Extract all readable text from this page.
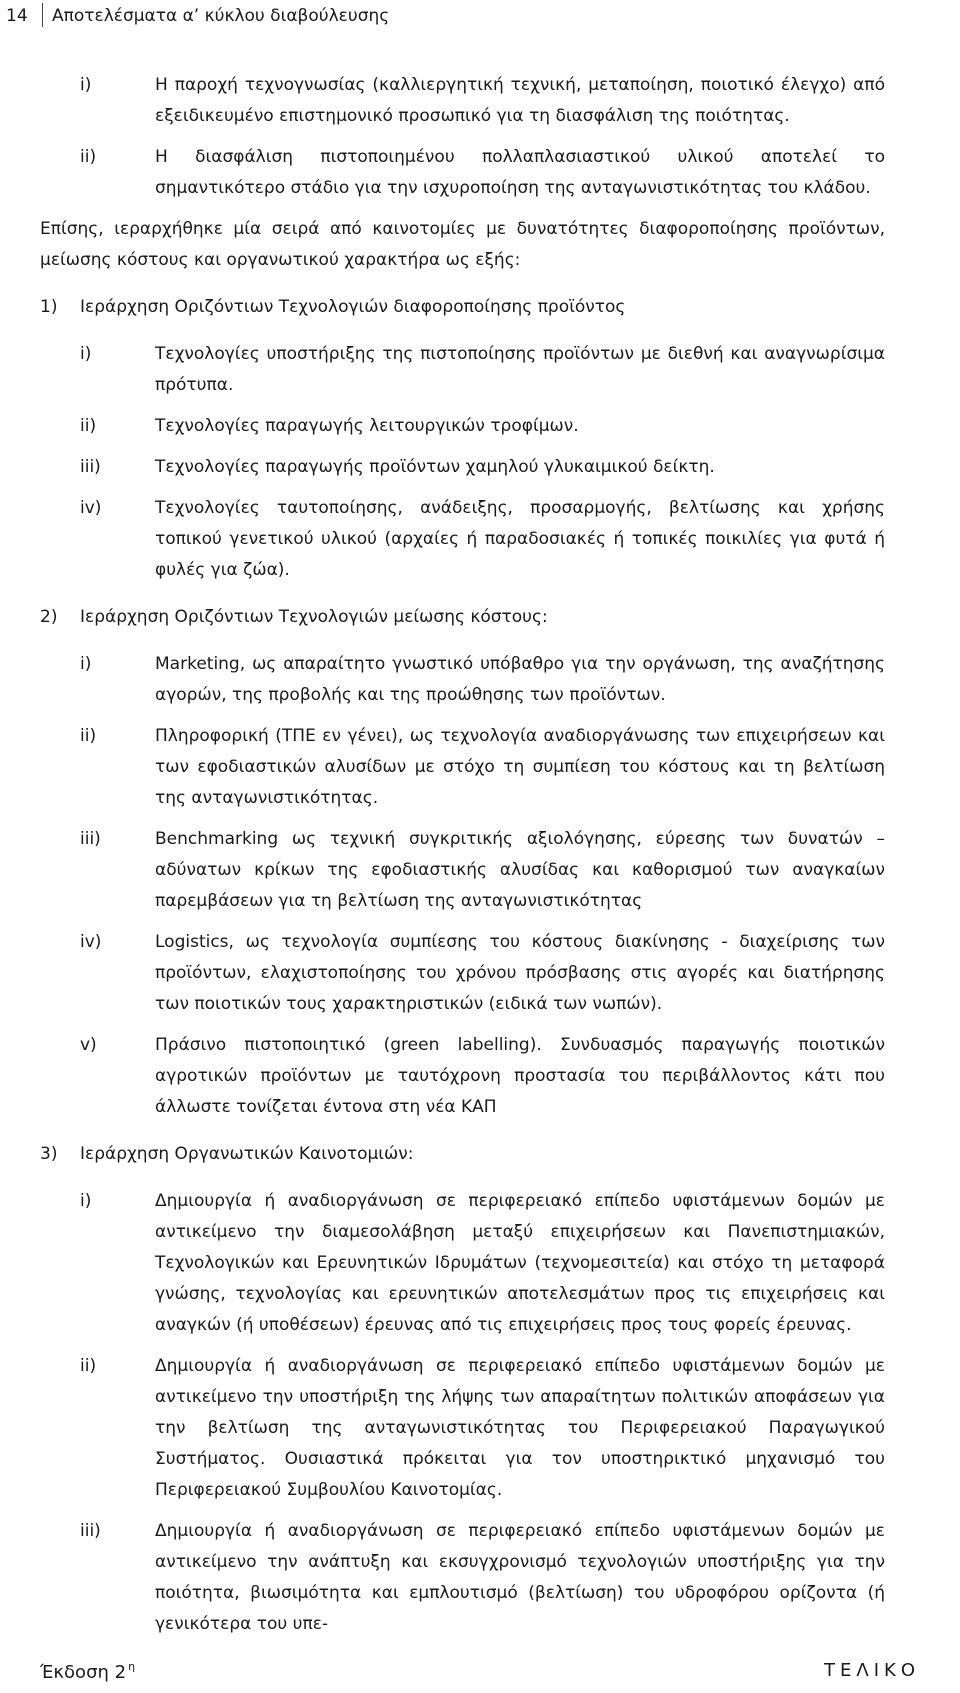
14 Αποτελέσματα α’ κύκλου διαβούλευσης
i)	Η παροχή τεχνογνωσίας (καλλιεργητική τεχνική, μεταποίηση, ποιοτικό έλεγχο) από εξειδικευμένο επιστημονικό προσωπικό για τη διασφάλιση της ποιότητας.
ii)	Η διασφάλιση πιστοποιημένου πολλαπλασιαστικού υλικού αποτελεί το σημαντικότερο στάδιο για την ισχυροποίηση της ανταγωνιστικότητας του κλάδου.
Επίσης, ιεραρχήθηκε μία σειρά από καινοτομίες με δυνατότητες διαφοροποίησης προϊόντων, μείωσης κόστους και οργανωτικού χαρακτήρα ως εξής:
1) Ιεράρχηση Οριζόντιων Τεχνολογιών διαφοροποίησης προϊόντος
i)	Τεχνολογίες υποστήριξης της πιστοποίησης προϊόντων με διεθνή και αναγνωρίσιμα πρότυπα.
ii)	Τεχνολογίες παραγωγής λειτουργικών τροφίμων.
iii)	Τεχνολογίες παραγωγής προϊόντων χαμηλού γλυκαιμικού δείκτη.
iv)	Τεχνολογίες ταυτοποίησης, ανάδειξης, προσαρμογής, βελτίωσης και χρήσης τοπικού γενετικού υλικού (αρχαίες ή παραδοσιακές ή τοπικές ποικιλίες για φυτά ή φυλές για ζώα).
2) Ιεράρχηση Οριζόντιων Τεχνολογιών μείωσης κόστους:
i)	Marketing, ως απαραίτητο γνωστικό υπόβαθρο για την οργάνωση, της αναζήτησης αγορών, της προβολής και της προώθησης των προϊόντων.
ii)	Πληροφορική (ΤΠΕ εν γένει), ως τεχνολογία αναδιοργάνωσης των επιχειρήσεων και των εφοδιαστικών αλυσίδων με στόχο τη συμπίεση του κόστους και τη βελτίωση της ανταγωνιστικότητας.
iii)	Benchmarking ως τεχνική συγκριτικής αξιολόγησης, εύρεσης των δυνατών – αδύνατων κρίκων της εφοδιαστικής αλυσίδας και καθορισμού των αναγκαίων παρεμβάσεων για τη βελτίωση της ανταγωνιστικότητας
iv)	Logistics, ως τεχνολογία συμπίεσης του κόστους διακίνησης - διαχείρισης των προϊόντων, ελαχιστοποίησης του χρόνου πρόσβασης στις αγορές και διατήρησης των ποιοτικών τους χαρακτηριστικών (ειδικά των νωπών).
v)	Πράσινο πιστοποιητικό (green labelling). Συνδυασμός παραγωγής ποιοτικών αγροτικών προϊόντων με ταυτόχρονη προστασία του περιβάλλοντος κάτι που άλλωστε τονίζεται έντονα στη νέα ΚΑΠ
3) Ιεράρχηση Οργανωτικών Καινοτομιών:
i)	Δημιουργία ή αναδιοργάνωση σε περιφερειακό επίπεδο υφιστάμενων δομών με αντικείμενο την διαμεσολάβηση μεταξύ επιχειρήσεων και Πανεπιστημιακών, Τεχνολογικών και Ερευνητικών Ιδρυμάτων (τεχνομεσιτεία) και στόχο τη μεταφορά γνώσης, τεχνολογίας και ερευνητικών αποτελεσμάτων προς τις επιχειρήσεις και αναγκών (ή υποθέσεων) έρευνας από τις επιχειρήσεις προς τους φορείς έρευνας.
ii)	Δημιουργία ή αναδιοργάνωση σε περιφερειακό επίπεδο υφιστάμενων δομών με αντικείμενο την υποστήριξη της λήψης των απαραίτητων πολιτικών αποφάσεων για την βελτίωση της ανταγωνιστικότητας του Περιφερειακού Παραγωγικού Συστήματος. Ουσιαστικά πρόκειται για τον υποστηρικτικό μηχανισμό του Περιφερειακού Συμβουλίου Καινοτομίας.
iii)	Δημιουργία ή αναδιοργάνωση σε περιφερειακό επίπεδο υφιστάμενων δομών με αντικείμενο την ανάπτυξη και εκσυγχρονισμό τεχνολογιών υποστήριξης για την ποιότητα, βιωσιμότητα και εμπλουτισμό (βελτίωση) του υδροφόρου ορίζοντα (ή γενικότερα του υπε-
Έκδοση 2 $^\eta$	ΤΕΛΙΚΟ
